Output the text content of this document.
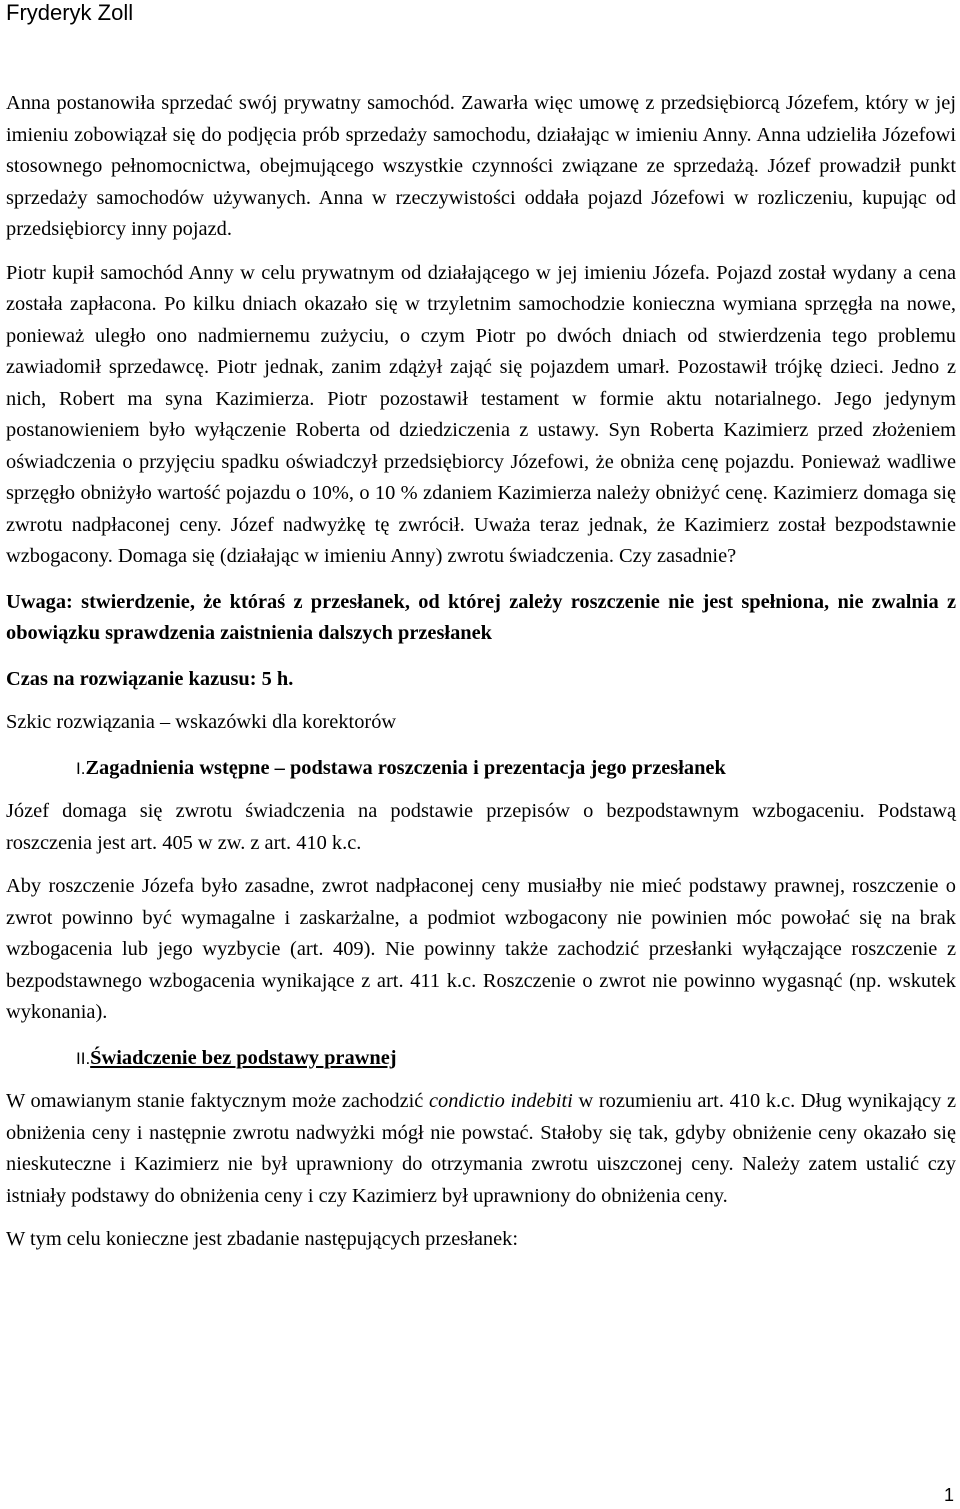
Fryderyk Zoll

Anna postanowiła sprzedać swój prywatny samochód. Zawarła więc umowę z przedsiębiorcą Józefem, który w jej imieniu zobowiązał się do podjęcia prób sprzedaży samochodu, działając w imieniu Anny. Anna udzieliła Józefowi stosownego pełnomocnictwa, obejmującego wszystkie czynności związane ze sprzedażą. Józef prowadził punkt sprzedaży samochodów używanych. Anna w rzeczywistości oddała pojazd Józefowi w rozliczeniu, kupując od przedsiębiorcy inny pojazd.

Piotr kupił samochód Anny w celu prywatnym od działającego w jej imieniu Józefa. Pojazd został wydany a cena została zapłacona. Po kilku dniach okazało się w trzyletnim samochodzie konieczna wymiana sprzęgła na nowe, ponieważ uległo ono nadmiernemu zużyciu, o czym Piotr po dwóch dniach od stwierdzenia tego problemu zawiadomił sprzedawcę. Piotr jednak, zanim zdążył zająć się pojazdem umarł. Pozostawił trójkę dzieci. Jedno z nich, Robert ma syna Kazimierza. Piotr pozostawił testament w formie aktu notarialnego. Jego jedynym postanowieniem było wyłączenie Roberta od dziedziczenia z ustawy. Syn Roberta Kazimierz przed złożeniem oświadczenia o przyjęciu spadku oświadczył przedsiębiorcy Józefowi, że obniża cenę pojazdu. Ponieważ wadliwe sprzęgło obniżyło wartość pojazdu o 10%, o 10 % zdaniem Kazimierza należy obniżyć cenę. Kazimierz domaga się zwrotu nadpłaconej ceny. Józef nadwyżkę tę zwrócił. Uważa teraz jednak, że Kazimierz został bezpodstawnie wzbogacony. Domaga się (działając w imieniu Anny) zwrotu świadczenia. Czy zasadnie?

Uwaga: stwierdzenie, że któraś z przesłanek, od której zależy roszczenie nie jest spełniona, nie zwalnia z obowiązku sprawdzenia zaistnienia dalszych przesłanek

Czas na rozwiązanie kazusu: 5 h.

Szkic rozwiązania – wskazówki dla korektorów

I.Zagadnienia wstępne – podstawa roszczenia i prezentacja jego przesłanek

Józef domaga się zwrotu świadczenia na podstawie przepisów o bezpodstawnym wzbogaceniu. Podstawą roszczenia jest art. 405 w zw. z art. 410 k.c.

Aby roszczenie Józefa było zasadne, zwrot nadpłaconej ceny musiałby nie mieć podstawy prawnej, roszczenie o zwrot powinno być wymagalne i zaskarżalne, a podmiot wzbogacony nie powinien móc powołać się na brak wzbogacenia lub jego wyzbycie (art. 409). Nie powinny także zachodzić przesłanki wyłączające roszczenie z bezpodstawnego wzbogacenia wynikające z art. 411 k.c. Roszczenie o zwrot nie powinno wygasnąć (np. wskutek wykonania).

II.Świadczenie bez podstawy prawnej

W omawianym stanie faktycznym może zachodzić condictio indebiti w rozumieniu art. 410 k.c. Dług wynikający z obniżenia ceny i następnie zwrotu nadwyżki mógł nie powstać. Stałoby się tak, gdyby obniżenie ceny okazało się nieskuteczne i Kazimierz nie był uprawniony do otrzymania zwrotu uiszczonej ceny. Należy zatem ustalić czy istniały podstawy do obniżenia ceny i czy Kazimierz był uprawniony do obniżenia ceny.

W tym celu konieczne jest zbadanie następujących przesłanek:

1
